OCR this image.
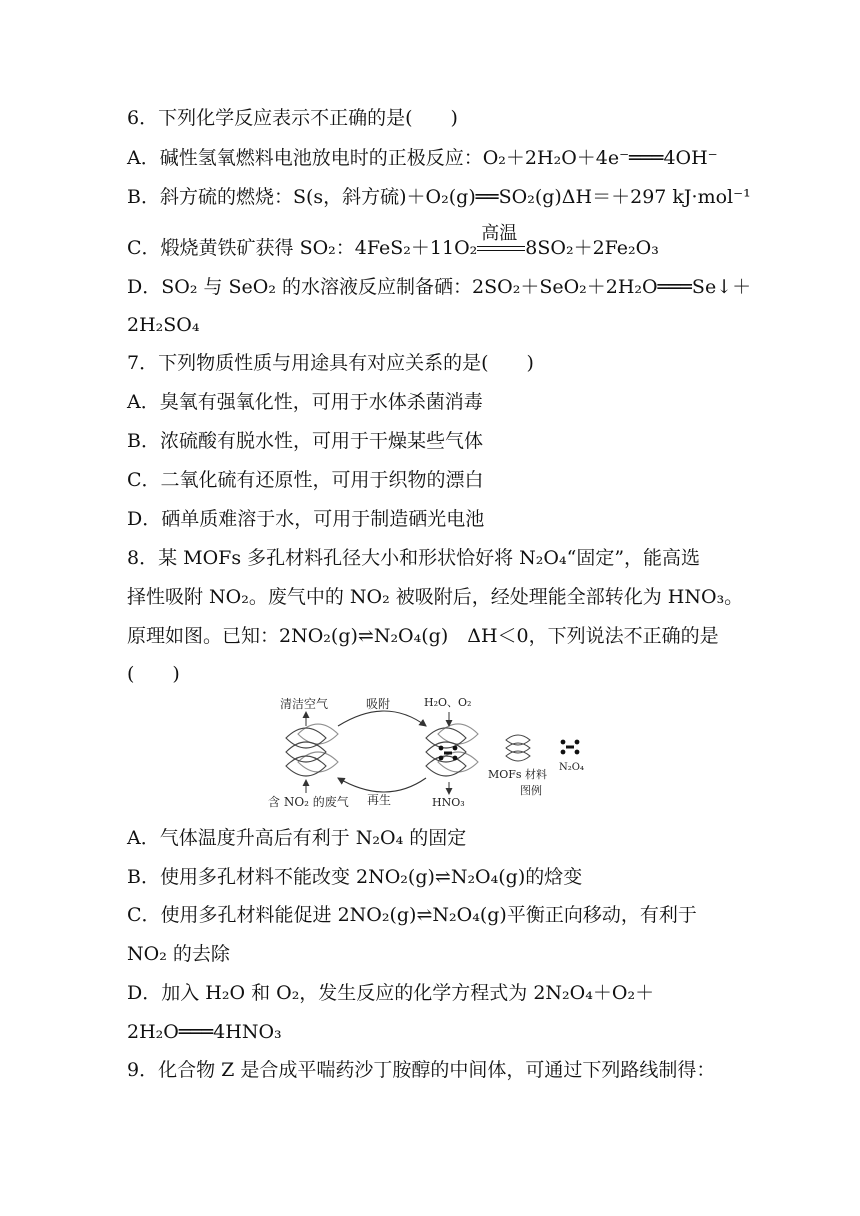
6．下列化学反应表示不正确的是(　　)
A．碱性氢氧燃料电池放电时的正极反应：O₂＋2H₂O＋4e⁻═══4OH⁻
B．斜方硫的燃烧：S(s，斜方硫)＋O₂(g)══SO₂(g)ΔH＝＋297 kJ·mol⁻¹
C．煅烧黄铁矿获得 SO₂：4FeS₂＋11O₂
高温
8SO₂＋2Fe₂O₃
D．SO₂ 与 SeO₂ 的水溶液反应制备硒：2SO₂＋SeO₂＋2H₂O═══Se↓＋
2H₂SO₄
7．下列物质性质与用途具有对应关系的是(　　)
A．臭氧有强氧化性，可用于水体杀菌消毒
B．浓硫酸有脱水性，可用于干燥某些气体
C．二氧化硫有还原性，可用于织物的漂白
D．硒单质难溶于水，可用于制造硒光电池
8．某 MOFs 多孔材料孔径大小和形状恰好将 N₂O₄“固定”，能高选
择性吸附 NO₂。废气中的 NO₂ 被吸附后，经处理能全部转化为 HNO₃。
原理如图。已知：2NO₂(g)⇌N₂O₄(g)　ΔH＜0，下列说法不正确的是
(　　)
清洁空气
含 NO₂ 的废气
吸附
再生
H₂O、O₂
HNO₃
MOFs 材料
N₂O₄
图例
A．气体温度升高后有利于 N₂O₄ 的固定
B．使用多孔材料不能改变 2NO₂(g)⇌N₂O₄(g)的焓变
C．使用多孔材料能促进 2NO₂(g)⇌N₂O₄(g)平衡正向移动，有利于
NO₂ 的去除
D．加入 H₂O 和 O₂，发生反应的化学方程式为 2N₂O₄＋O₂＋
2H₂O═══4HNO₃
9．化合物 Z 是合成平喘药沙丁胺醇的中间体，可通过下列路线制得：
